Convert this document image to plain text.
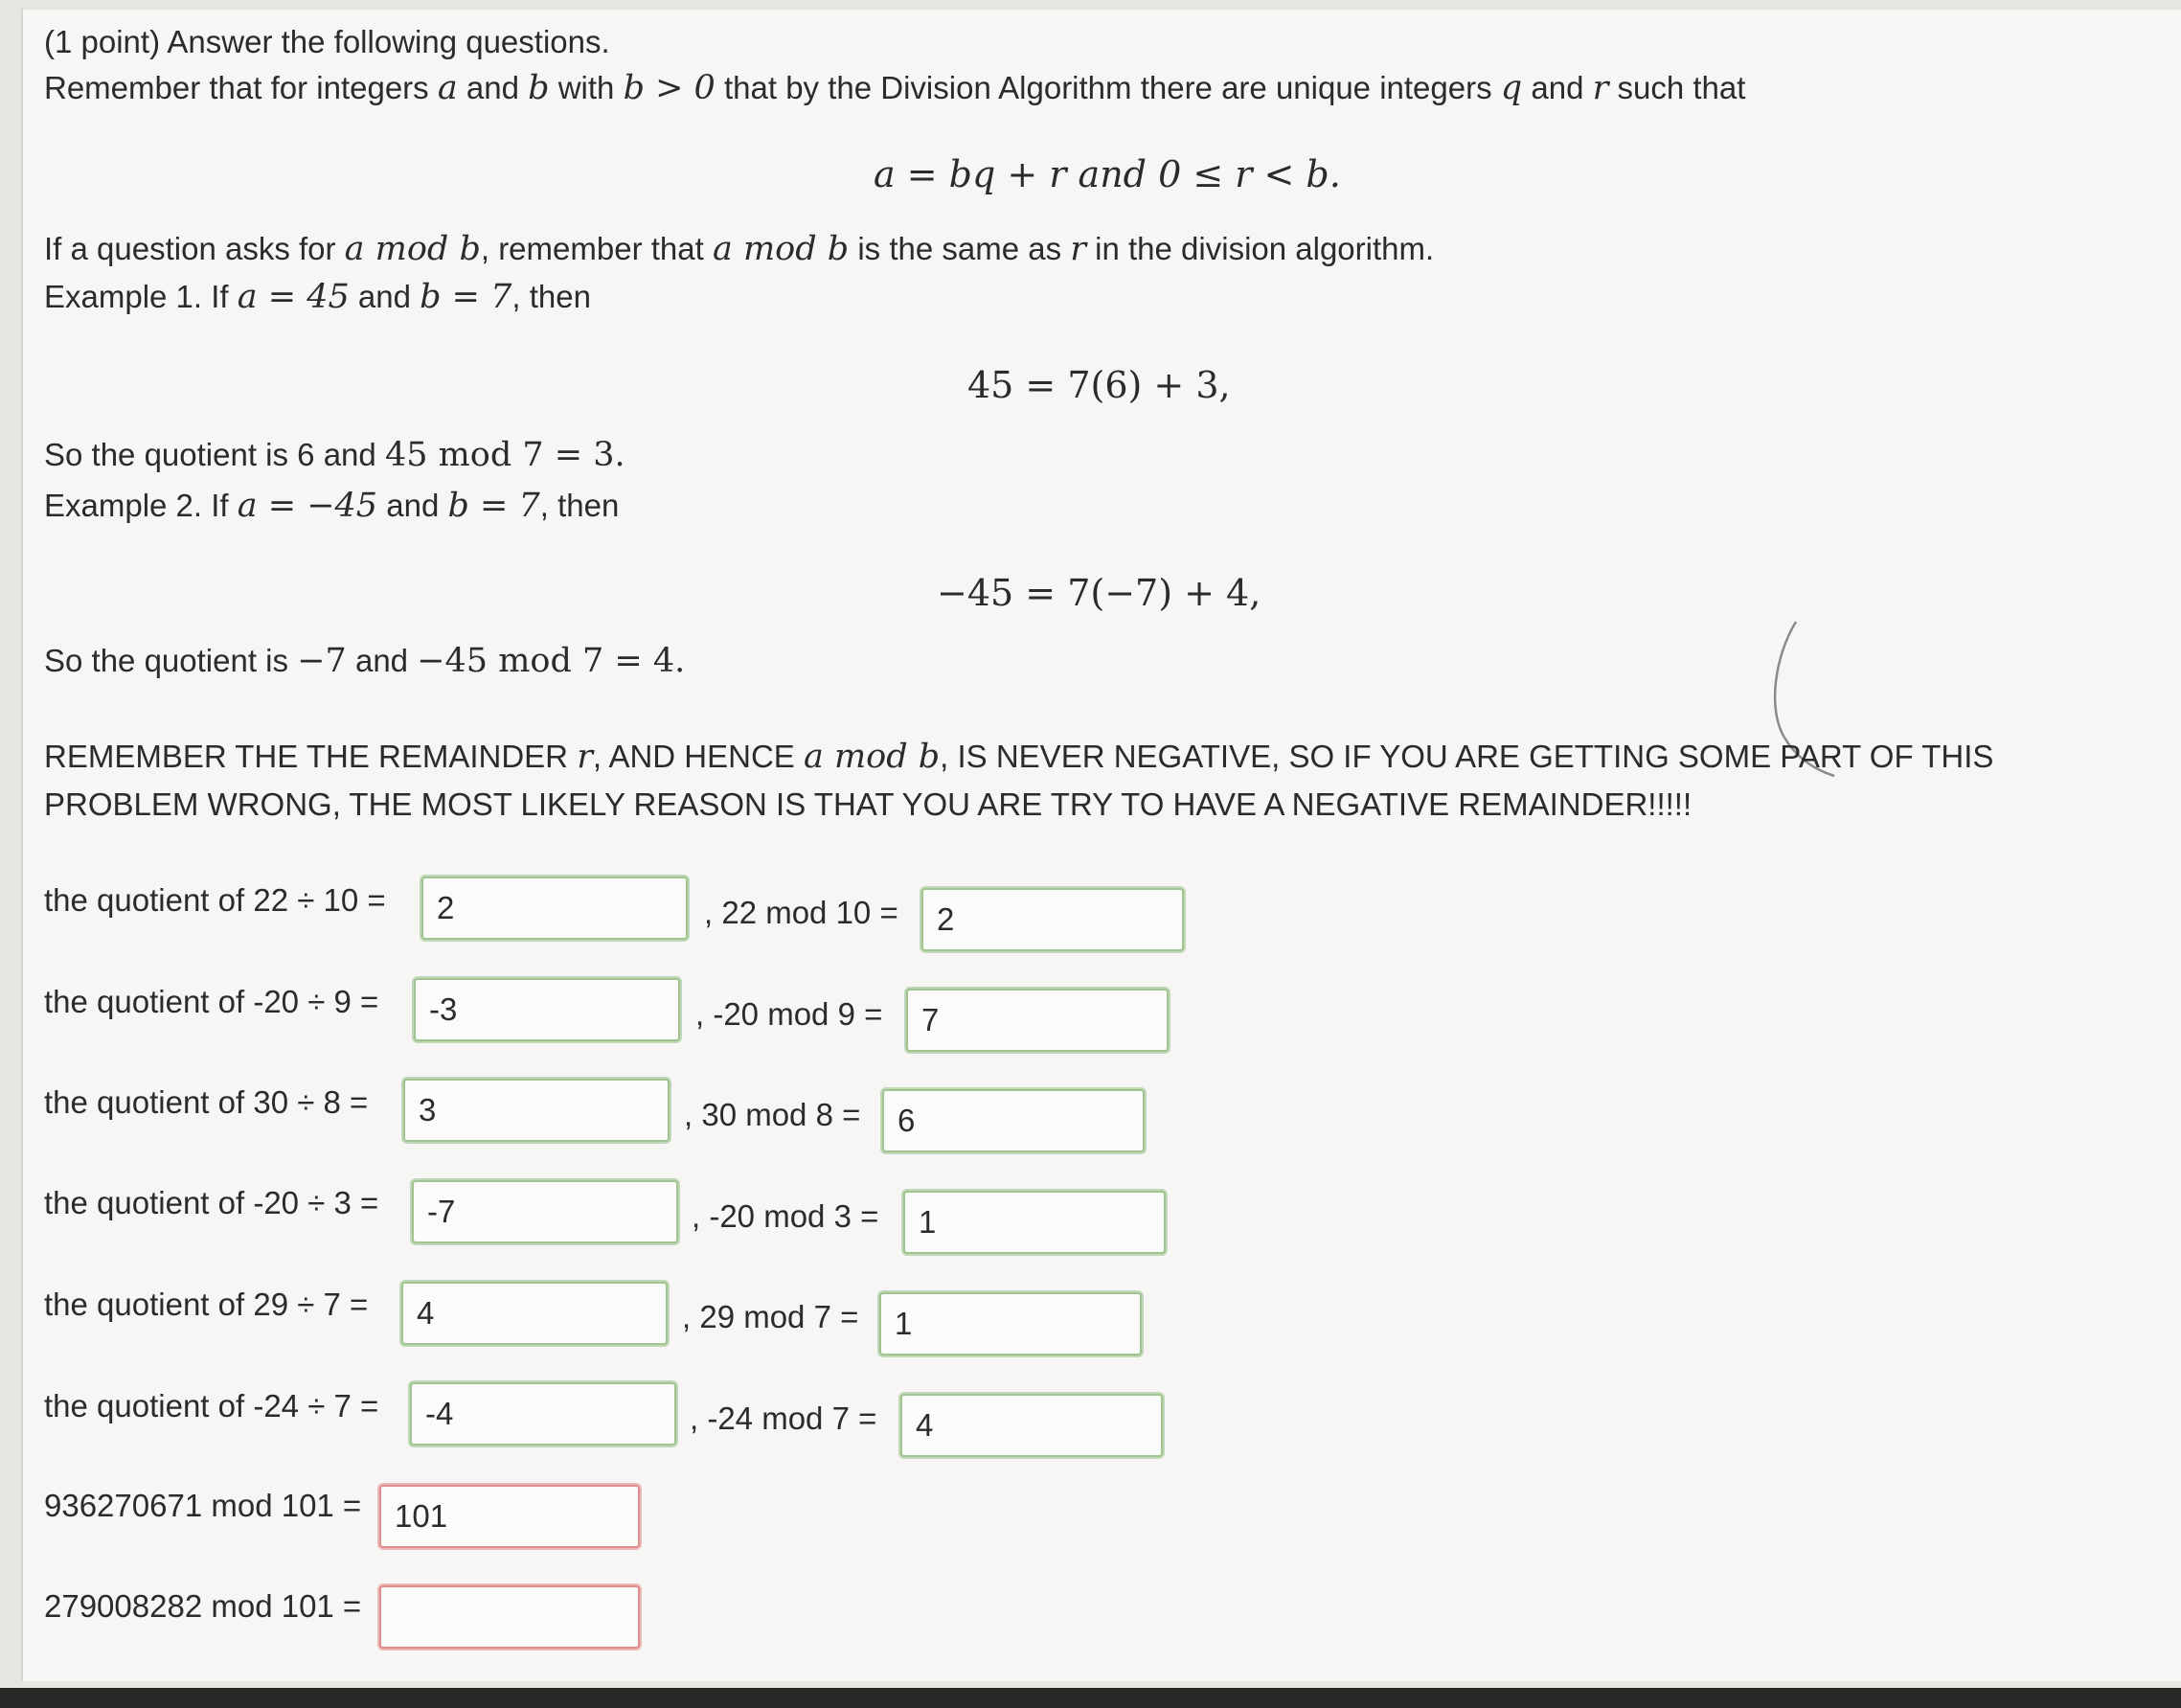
(1 point) Answer the following questions.
Remember that for integers a and b with b > 0 that by the Division Algorithm there are unique integers q and r such that
a = bq + r and 0 ≤ r < b.
If a question asks for a mod b, remember that a mod b is the same as r in the division algorithm.
Example 1. If a = 45 and b = 7, then
45 = 7(6) + 3,
So the quotient is 6 and 45 mod 7 = 3.
Example 2. If a = −45 and b = 7, then
−45 = 7(−7) + 4,
So the quotient is −7 and −45 mod 7 = 4.
REMEMBER THE THE REMAINDER r, AND HENCE a mod b, IS NEVER NEGATIVE, SO IF YOU ARE GETTING SOME PART OF THIS PROBLEM WRONG, THE MOST LIKELY REASON IS THAT YOU ARE TRY TO HAVE A NEGATIVE REMAINDER!!!!!
the quotient of 22 ÷ 10 =	2	, 22 mod 10 =	2
the quotient of -20 ÷ 9 =	-3	, -20 mod 9 =	7
the quotient of 30 ÷ 8 =	3	, 30 mod 8 =	6
the quotient of -20 ÷ 3 =	-7	, -20 mod 3 =	1
the quotient of 29 ÷ 7 =	4	, 29 mod 7 =	1
the quotient of -24 ÷ 7 =	-4	, -24 mod 7 =	4
936270671 mod 101 =	101
279008282 mod 101 =
